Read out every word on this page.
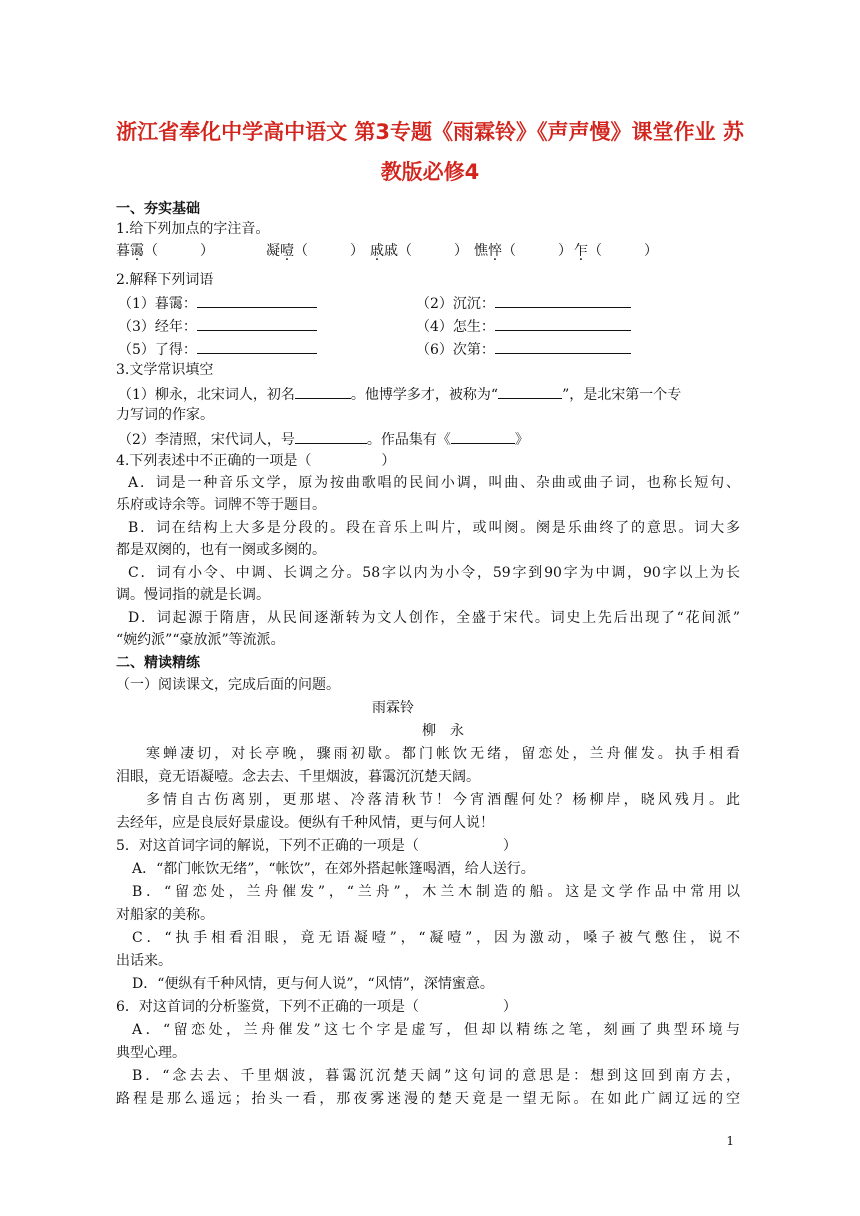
浙江省奉化中学高中语文 第3专题《雨霖铃》《声声慢》课堂作业 苏
教版必修4
一、夯实基础
1.给下列加点的字注音。
暮霭（　　　）	凝噎（　　　） 戚戚（　　　） 憔悴（　　　） 乍（　　　）
2.解释下列词语
（1）暮霭：	（2）沉沉：
（3）经年：	（4）怎生：
（5）了得：	（6）次第：
3.文学常识填空
（1）柳永，北宋词人，初名	。他博学多才，被称为“	”，是北宋第一个专
力写词的作家。
（2）李清照，宋代词人，号	。作品集有《	》
4.下列表述中不正确的一项是（　　　　　）
A．词是一种音乐文学，原为按曲歌唱的民间小调，叫曲、杂曲或曲子词，也称长短句、
乐府或诗余等。词牌不等于题目。
B．词在结构上大多是分段的。段在音乐上叫片，或叫阕。阕是乐曲终了的意思。词大多
都是双阕的，也有一阕或多阕的。
C．词有小令、中调、长调之分。58字以内为小令，59字到90字为中调，90字以上为长
调。慢词指的就是长调。
D．词起源于隋唐，从民间逐渐转为文人创作，全盛于宋代。词史上先后出现了“花间派”
“婉约派”“豪放派”等流派。
二、精读精练
（一）阅读课文，完成后面的问题。
雨霖铃
柳　永
寒蝉凄切，对长亭晚，骤雨初歇。都门帐饮无绪，留恋处，兰舟催发。执手相看
泪眼，竟无语凝噎。念去去、千里烟波，暮霭沉沉楚天阔。
多情自古伤离别，更那堪、冷落清秋节！今宵酒醒何处？杨柳岸，晓风残月。此
去经年，应是良辰好景虚设。便纵有千种风情，更与何人说！
5．对这首词字词的解说，下列不正确的一项是（　　　　　　）
A．“都门帐饮无绪”，“帐饮”，在郊外搭起帐篷喝酒，给人送行。
B．“留恋处，兰舟催发”，“兰舟”，木兰木制造的船。这是文学作品中常用以
对船家的美称。
C．“执手相看泪眼，竟无语凝噎”，“凝噎”，因为激动，嗓子被气憋住，说不
出话来。
D．“便纵有千种风情，更与何人说”，“风情”，深情蜜意。
6．对这首词的分析鉴赏，下列不正确的一项是（　　　　　　）
A．“留恋处，兰舟催发”这七个字是虚写，但却以精练之笔，刻画了典型环境与
典型心理。
B．“念去去、千里烟波，暮霭沉沉楚天阔”这句词的意思是：想到这回到南方去，
路程是那么遥远；抬头一看，那夜雾迷漫的楚天竟是一望无际。在如此广阔辽远的空
1
